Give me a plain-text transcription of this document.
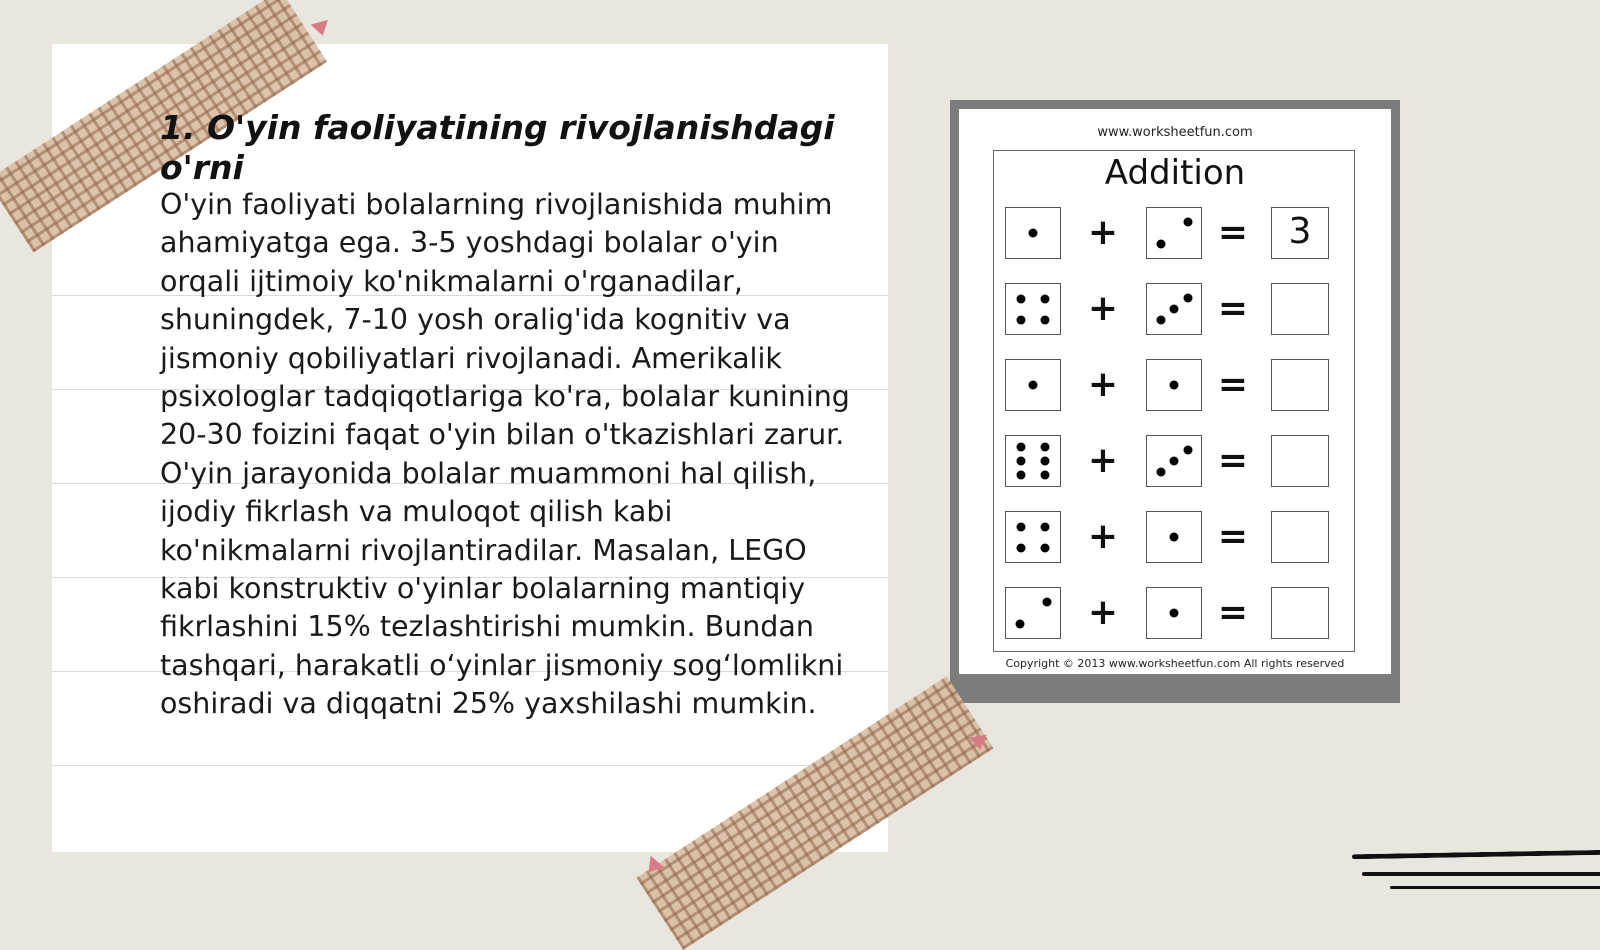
1. O'yin faoliyatining rivojlanishdagi o'rni

O'yin faoliyati bolalarning rivojlanishida muhim ahamiyatga ega. 3-5 yoshdagi bolalar o'yin orqali ijtimoiy ko'nikmalarni o'rganadilar, shuningdek, 7-10 yosh oralig'ida kognitiv va jismoniy qobiliyatlari rivojlanadi. Amerikalik psixologlar tadqiqotlariga ko'ra, bolalar kunining 20-30 foizini faqat o'yin bilan o'tkazishlari zarur. O'yin jarayonida bolalar muammoni hal qilish, ijodiy fikrlash va muloqot qilish kabi ko'nikmalarni rivojlantiradilar. Masalan, LEGO kabi konstruktiv o'yinlar bolalarning mantiqiy fikrlashini 15% tezlashtirishi mumkin. Bundan tashqari, harakatli o‘yinlar jismoniy sog‘lomlikni oshiradi va diqqatni 25% yaxshilashi mumkin.

www.worksheetfun.com
Addition
+	=	3
+	=
+	=
+	=
+	=
+	=
Copyright © 2013 www.worksheetfun.com All rights reserved
